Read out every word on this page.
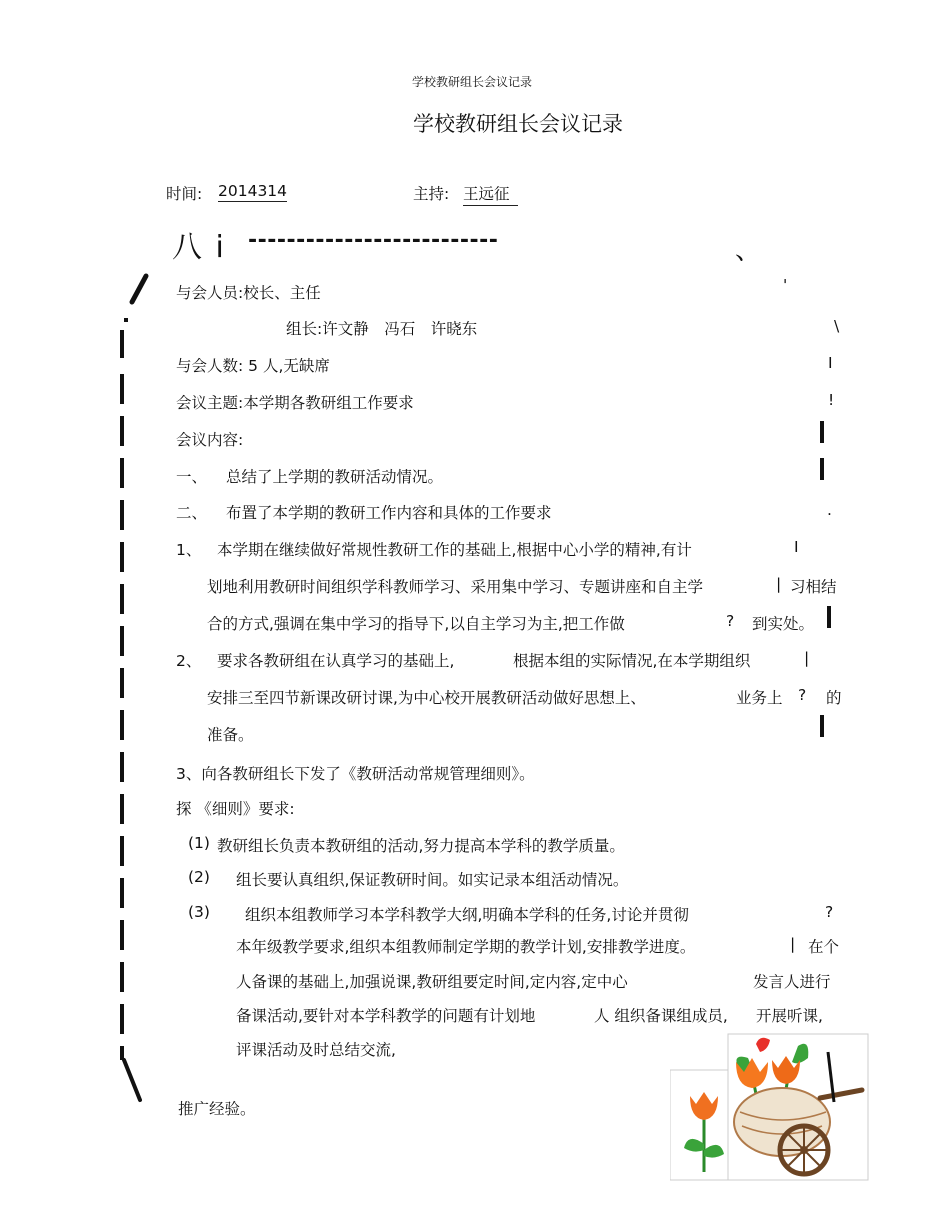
学校教研组长会议记录
学校教研组长会议记录
时间: 2014314	主持: 王远征
八 i --------------------------	、
与会人员:校长、主任	'
组长:许文静　冯石　许晓东	\
与会人数: 5 人,无缺席	I
会议主题:本学期各教研组工作要求	!
会议内容:
一、 总结了上学期的教研活动情况。
二、 布置了本学期的教研工作内容和具体的工作要求	.
1、 本学期在继续做好常规性教研工作的基础上,根据中心小学的精神,有计	I
划地利用教研时间组织学科教师学习、采用集中学习、专题讲座和自主学	| 习相结
合的方式,强调在集中学习的指导下,以自主学习为主,把工作做	? 到实处。
2、 要求各教研组在认真学习的基础上,	根据本组的实际情况,在本学期组织	|
安排三至四节新课改研讨课,为中心校开展教研活动做好思想上、	业务上 ? 的
准备。
3、向各教研组长下发了《教研活动常规管理细则》。
探 《细则》要求:
(1) 教研组长负责本教研组的活动,努力提高本学科的教学质量。
(2) 组长要认真组织,保证教研时间。如实记录本组活动情况。
(3) 组织本组教师学习本学科教学大纲,明确本学科的任务,讨论并贯彻	?
本年级教学要求,组织本组教师制定学期的教学计划,安排教学进度。	| 在个
人备课的基础上,加强说课,教研组要定时间,定内容,定中心	发言人进行
备课活动,要针对本学科教学的问题有计划地	人 组织备课组成员, 开展听课,
评课活动及时总结交流,
推广经验。
